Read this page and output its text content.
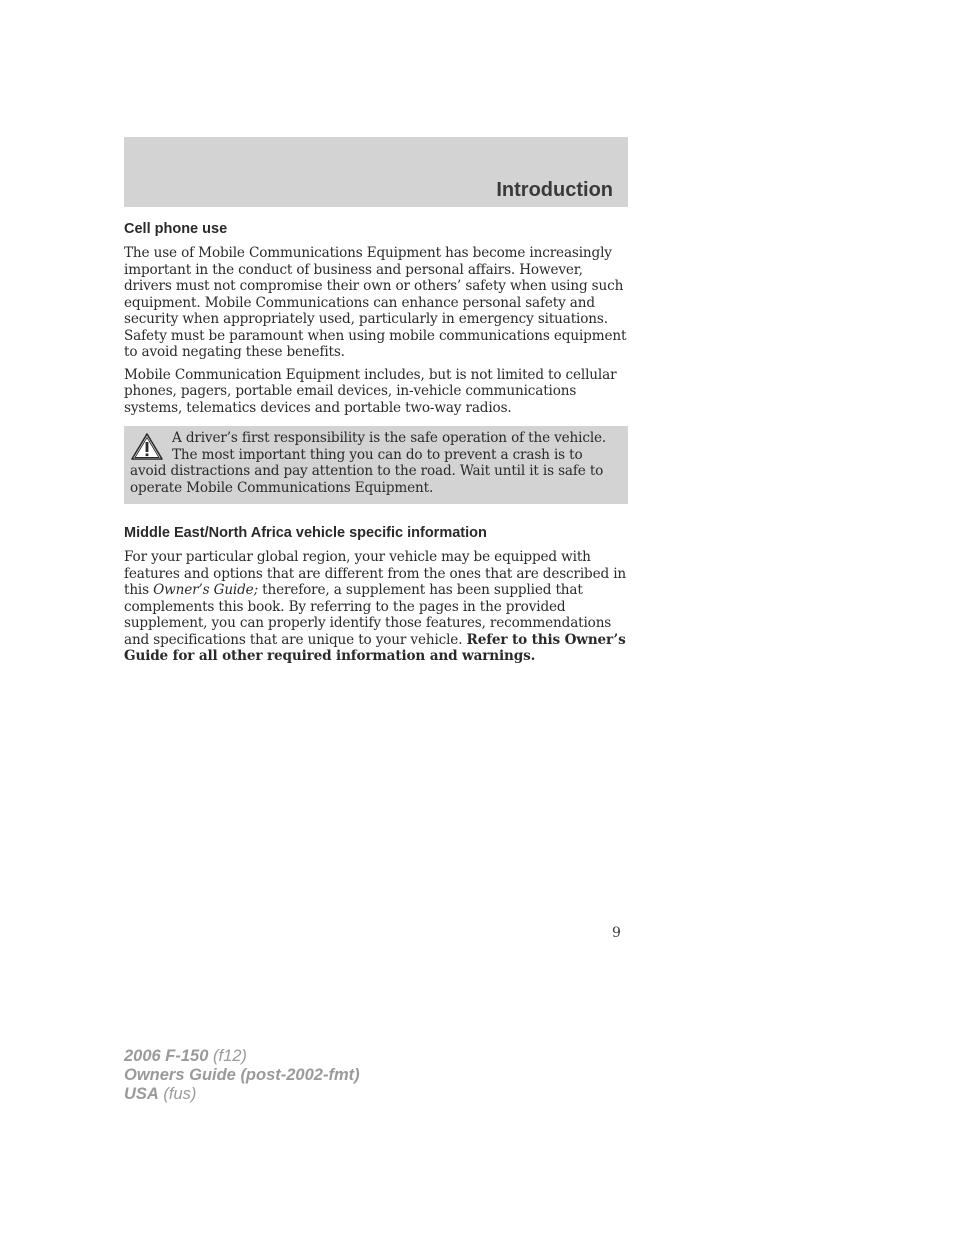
Introduction
Cell phone use

The use of Mobile Communications Equipment has become increasingly important in the conduct of business and personal affairs. However, drivers must not compromise their own or others’ safety when using such equipment. Mobile Communications can enhance personal safety and security when appropriately used, particularly in emergency situations. Safety must be paramount when using mobile communications equipment to avoid negating these benefits.

Mobile Communication Equipment includes, but is not limited to cellular phones, pagers, portable email devices, in-vehicle communications systems, telematics devices and portable two-way radios.

A driver’s first responsibility is the safe operation of the vehicle. The most important thing you can do to prevent a crash is to avoid distractions and pay attention to the road. Wait until it is safe to operate Mobile Communications Equipment.
Middle East/North Africa vehicle specific information

For your particular global region, your vehicle may be equipped with features and options that are different from the ones that are described in this Owner’s Guide; therefore, a supplement has been supplied that complements this book. By referring to the pages in the provided supplement, you can properly identify those features, recommendations and specifications that are unique to your vehicle. Refer to this Owner’s Guide for all other required information and warnings.

9
2006 F-150 (f12)
Owners Guide (post-2002-fmt)
USA (fus)
